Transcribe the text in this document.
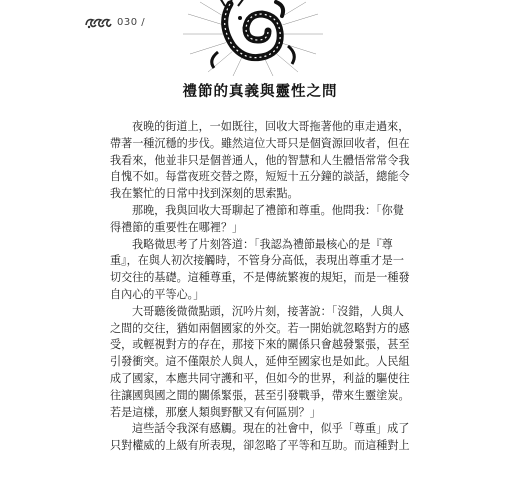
030 /
禮節的真義與靈性之問
夜晚的街道上，一如既往，回收大哥拖著他的車走過來，
帶著一種沉穩的步伐。雖然這位大哥只是個資源回收者，但在
我看來，他並非只是個普通人，他的智慧和人生體悟常常令我
自愧不如。每當夜班交替之際，短短十五分鐘的談話，總能令
我在繁忙的日常中找到深刻的思索點。
那晚，我與回收大哥聊起了禮節和尊重。他問我：「你覺
得禮節的重要性在哪裡？」
我略微思考了片刻答道：「我認為禮節最核心的是『尊
重』，在與人初次接觸時，不管身分高低，表現出尊重才是一
切交往的基礎。這種尊重，不是傳統繁複的規矩，而是一種發
自內心的平等心。」
大哥聽後微微點頭，沉吟片刻，接著說：「沒錯，人與人
之間的交往，猶如兩個國家的外交。若一開始就忽略對方的感
受，或輕視對方的存在，那接下來的關係只會越發緊張，甚至
引發衝突。這不僅限於人與人，延伸至國家也是如此。人民組
成了國家，本應共同守護和平，但如今的世界，利益的驅使往
往讓國與國之間的關係緊張，甚至引發戰爭，帶來生靈塗炭。
若是這樣，那麼人類與野獸又有何區別？」
這些話令我深有感觸。現在的社會中，似乎「尊重」成了
只對權威的上級有所表現，卻忽略了平等和互助。而這種對上
